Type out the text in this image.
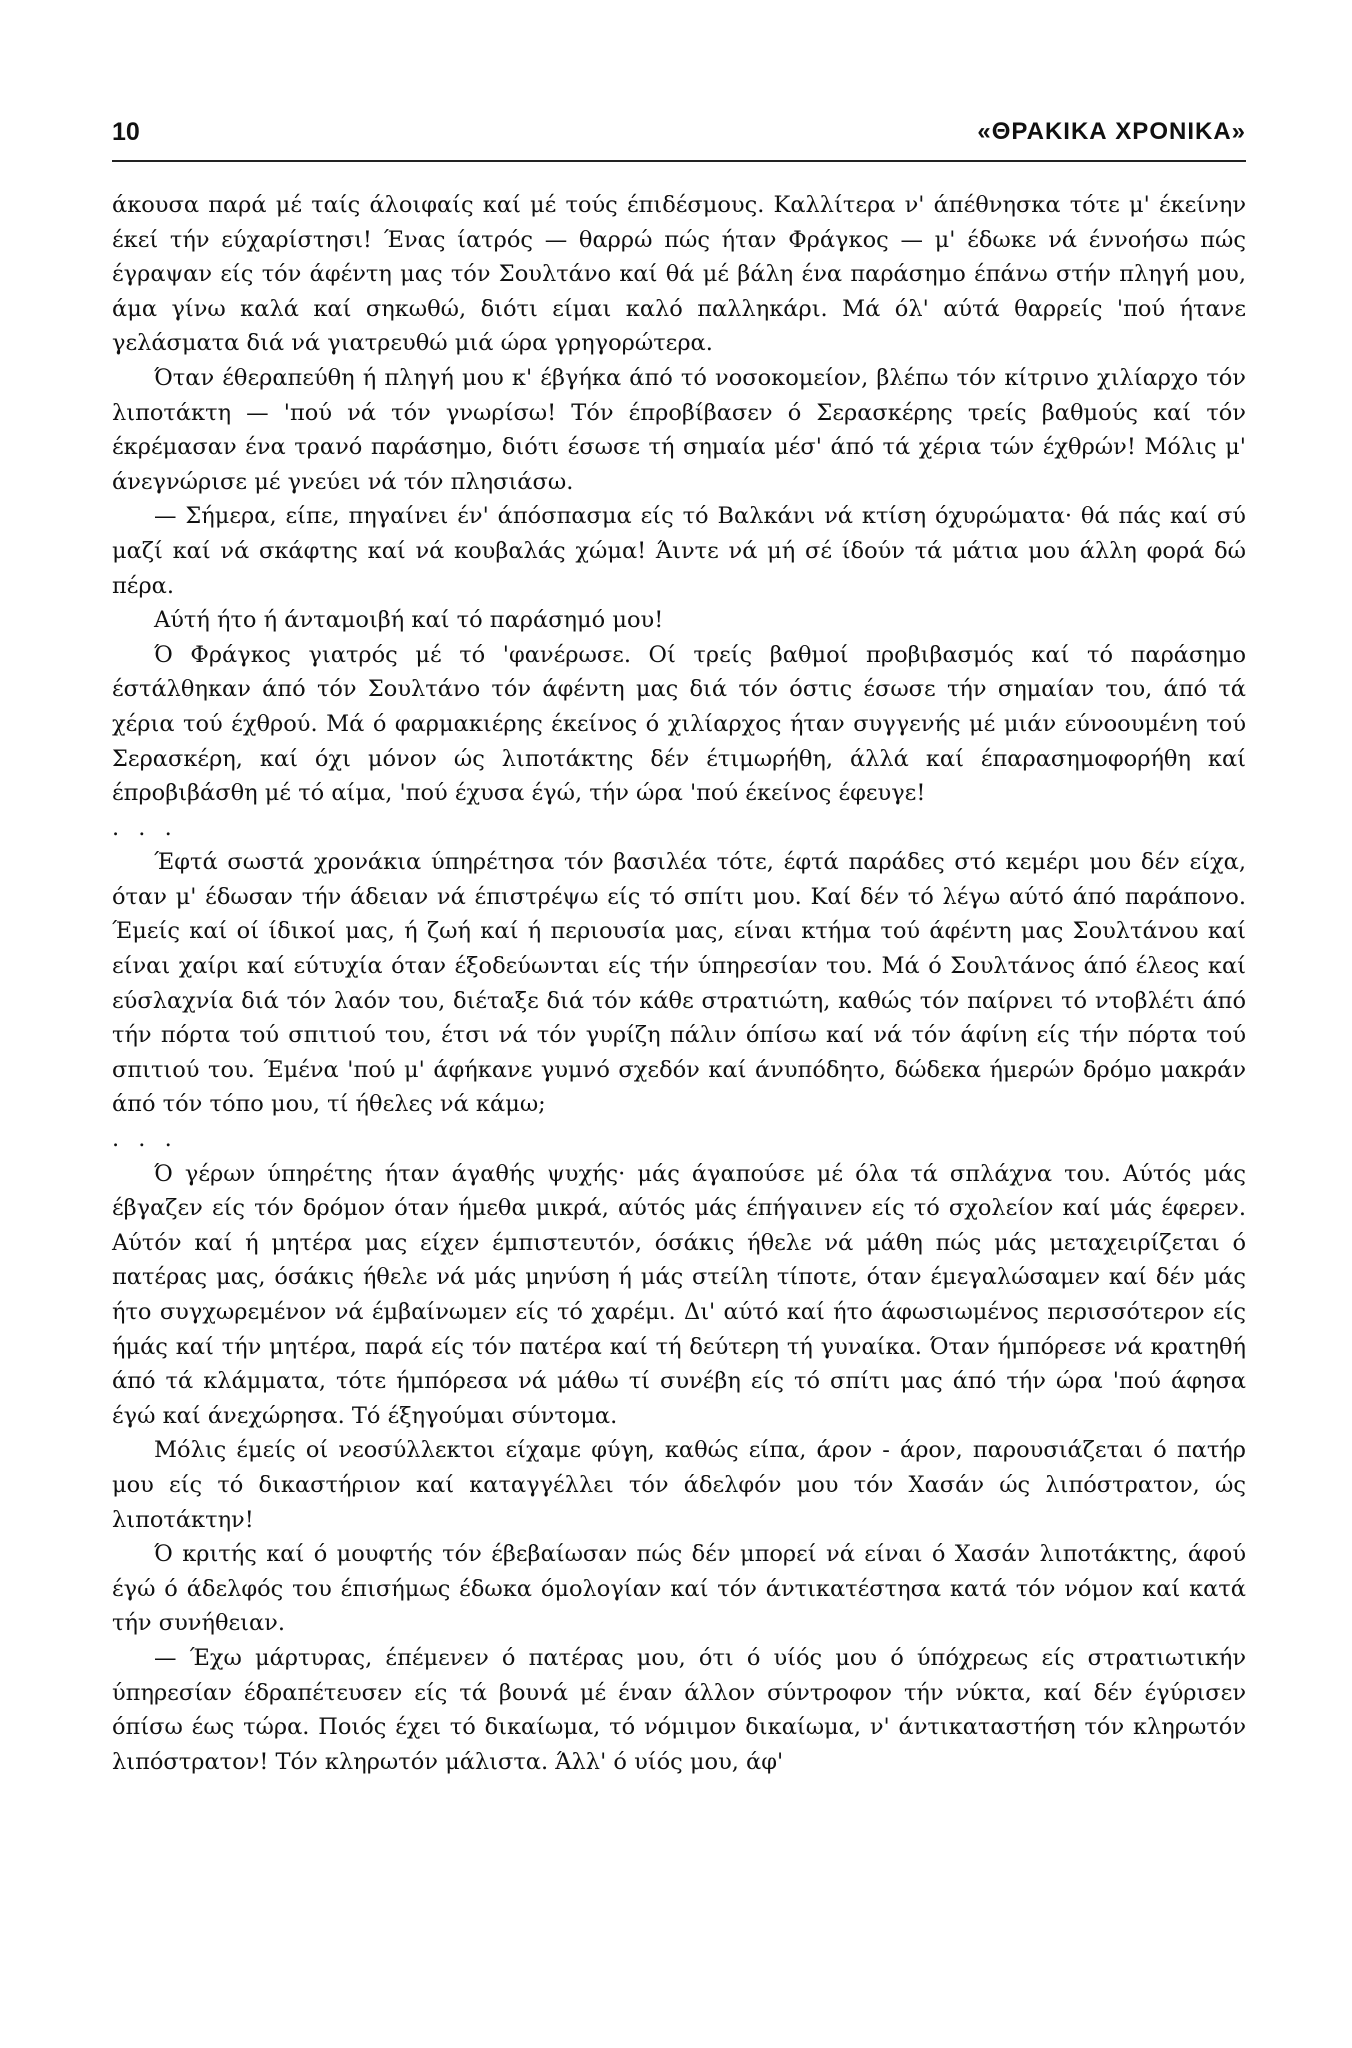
10	«ΘΡΑΚΙΚΑ ΧΡΟΝΙΚΑ»

άκουσα παρά μέ ταίς άλοιφαίς καί μέ τούς έπιδέσμους. Καλλίτερα ν' άπέθνησκα τότε μ' έκείνην έκεί τήν εύχαρίστησι! Ένας ίατρός — θαρρώ πώς ήταν Φράγκος — μ' έδωκε νά έννοήσω πώς έγραψαν είς τόν άφέντη μας τόν Σουλτάνο καί θά μέ βάλη ένα παράσημο έπάνω στήν πληγή μου, άμα γίνω καλά καί σηκωθώ, διότι είμαι καλό παλληκάρι. Μά όλ' αύτά θαρρείς 'πού ήτανε γελάσματα διά νά γιατρευθώ μιά ώρα γρηγορώτερα.

Όταν έθεραπεύθη ή πληγή μου κ' έβγήκα άπό τό νοσοκομείον, βλέπω τόν κίτρινο χιλίαρχο τόν λιποτάκτη — 'πού νά τόν γνωρίσω! Τόν έπροβίβασεν ό Σερασκέρης τρείς βαθμούς καί τόν έκρέμασαν ένα τρανό παράσημο, διότι έσωσε τή σημαία μέσ' άπό τά χέρια τών έχθρών! Μόλις μ' άνεγνώρισε μέ γνεύει νά τόν πλησιάσω.

— Σήμερα, είπε, πηγαίνει έν' άπόσπασμα είς τό Βαλκάνι νά κτίση όχυρώματα· θά πάς καί σύ μαζί καί νά σκάφτης καί νά κουβαλάς χώμα! Άιντε νά μή σέ ίδούν τά μάτια μου άλλη φορά δώ πέρα.

Αύτή ήτο ή άνταμοιβή καί τό παράσημό μου!

Ό Φράγκος γιατρός μέ τό 'φανέρωσε. Οί τρείς βαθμοί προβιβασμός καί τό παράσημο έστάλθηκαν άπό τόν Σουλτάνο τόν άφέντη μας διά τόν όστις έσωσε τήν σημαίαν του, άπό τά χέρια τού έχθρού. Μά ό φαρμακιέρης έκείνος ό χιλίαρχος ήταν συγγενής μέ μιάν εύνοουμένη τού Σερασκέρη, καί όχι μόνον ώς λιποτάκτης δέν έτιμωρήθη, άλλά καί έπαρασημοφορήθη καί έπροβιβάσθη μέ τό αίμα, 'πού έχυσα έγώ, τήν ώρα 'πού έκείνος έφευγε!

. . .

Έφτά σωστά χρονάκια ύπηρέτησα τόν βασιλέα τότε, έφτά παράδες στό κεμέρι μου δέν είχα, όταν μ' έδωσαν τήν άδειαν νά έπιστρέψω είς τό σπίτι μου. Καί δέν τό λέγω αύτό άπό παράπονο. Έμείς καί οί ίδικοί μας, ή ζωή καί ή περιουσία μας, είναι κτήμα τού άφέντη μας Σουλτάνου καί είναι χαίρι καί εύτυχία όταν έξοδεύωνται είς τήν ύπηρεσίαν του. Μά ό Σουλτάνος άπό έλεος καί εύσλαχνία διά τόν λαόν του, διέταξε διά τόν κάθε στρατιώτη, καθώς τόν παίρνει τό ντοβλέτι άπό τήν πόρτα τού σπιτιού του, έτσι νά τόν γυρίζη πάλιν όπίσω καί νά τόν άφίνη είς τήν πόρτα τού σπιτιού του. Έμένα 'πού μ' άφήκανε γυμνό σχεδόν καί άνυπόδητο, δώδεκα ήμερών δρόμο μακράν άπό τόν τόπο μου, τί ήθελες νά κάμω;

. . .

Ό γέρων ύπηρέτης ήταν άγαθής ψυχής· μάς άγαπούσε μέ όλα τά σπλάχνα του. Αύτός μάς έβγαζεν είς τόν δρόμον όταν ήμεθα μικρά, αύτός μάς έπήγαινεν είς τό σχολείον καί μάς έφερεν. Αύτόν καί ή μητέρα μας είχεν έμπιστευτόν, όσάκις ήθελε νά μάθη πώς μάς μεταχειρίζεται ό πατέρας μας, όσάκις ήθελε νά μάς μηνύση ή μάς στείλη τίποτε, όταν έμεγαλώσαμεν καί δέν μάς ήτο συγχωρεμένον νά έμβαίνωμεν είς τό χαρέμι. Δι' αύτό καί ήτο άφωσιωμένος περισσότερον είς ήμάς καί τήν μητέρα, παρά είς τόν πατέρα καί τή δεύτερη τή γυναίκα. Όταν ήμπόρεσε νά κρατηθή άπό τά κλάμματα, τότε ήμπόρεσα νά μάθω τί συνέβη είς τό σπίτι μας άπό τήν ώρα 'πού άφησα έγώ καί άνεχώρησα. Τό έξηγούμαι σύντομα.

Μόλις έμείς οί νεοσύλλεκτοι είχαμε φύγη, καθώς είπα, άρον - άρον, παρουσιάζεται ό πατήρ μου είς τό δικαστήριον καί καταγγέλλει τόν άδελφόν μου τόν Χασάν ώς λιπόστρατον, ώς λιποτάκτην!

Ό κριτής καί ό μουφτής τόν έβεβαίωσαν πώς δέν μπορεί νά είναι ό Χασάν λιποτάκτης, άφού έγώ ό άδελφός του έπισήμως έδωκα όμολογίαν καί τόν άντικατέστησα κατά τόν νόμον καί κατά τήν συνήθειαν.

— Έχω μάρτυρας, έπέμενεν ό πατέρας μου, ότι ό υίός μου ό ύπόχρεως είς στρατιωτικήν ύπηρεσίαν έδραπέτευσεν είς τά βουνά μέ έναν άλλον σύντροφον τήν νύκτα, καί δέν έγύρισεν όπίσω έως τώρα. Ποιός έχει τό δικαίωμα, τό νόμιμον δικαίωμα, ν' άντικαταστήση τόν κληρωτόν λιπόστρατον! Τόν κληρωτόν μάλιστα. Άλλ' ό υίός μου, άφ'
